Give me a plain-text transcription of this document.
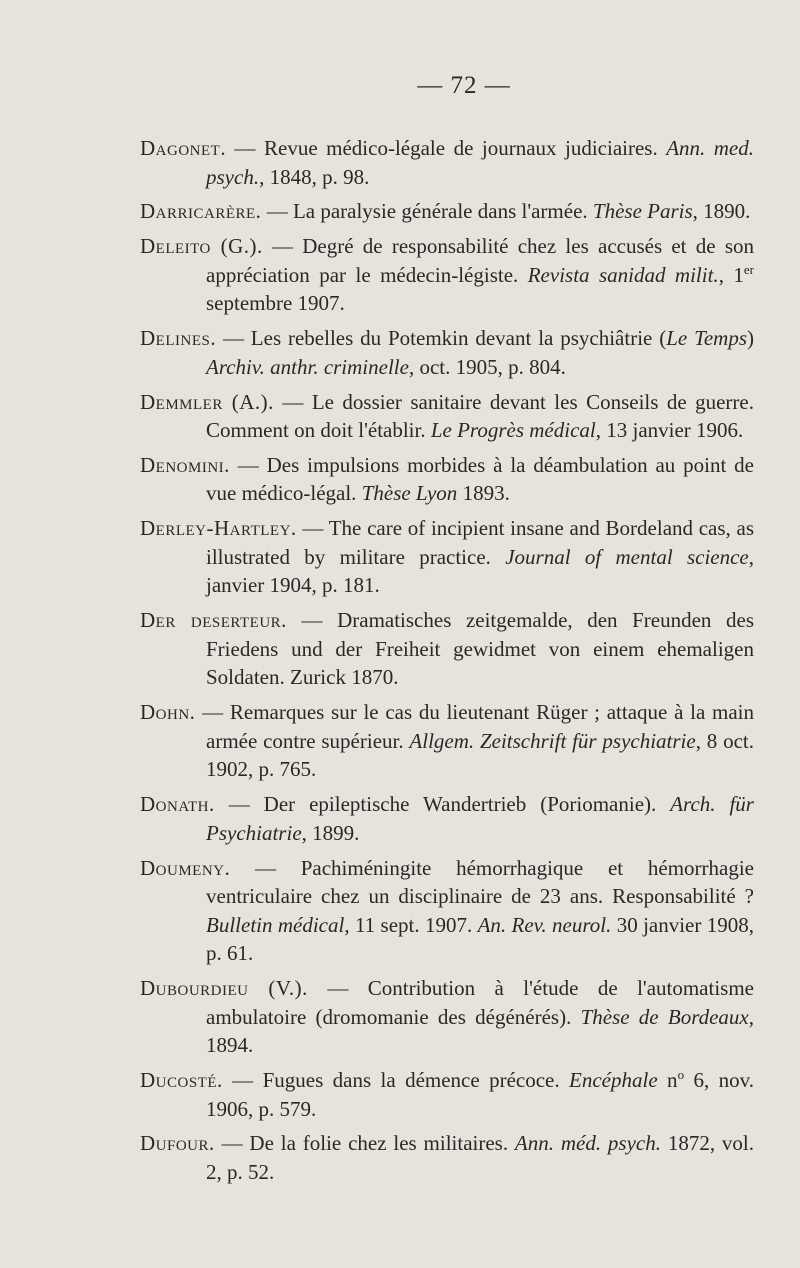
— 72 —

Dagonet. — Revue médico-légale de journaux judiciaires. Ann. med. psych., 1848, p. 98.

Darricarère. — La paralysie générale dans l'armée. Thèse Paris, 1890.

Deleito (G.). — Degré de responsabilité chez les accusés et de son appréciation par le médecin-légiste. Revista sanidad milit., 1er septembre 1907.

Delines. — Les rebelles du Potemkin devant la psychiâtrie (Le Temps) Archiv. anthr. criminelle, oct. 1905, p. 804.

Demmler (A.). — Le dossier sanitaire devant les Conseils de guerre. Comment on doit l'établir. Le Progrès médical, 13 janvier 1906.

Denomini. — Des impulsions morbides à la déambulation au point de vue médico-légal. Thèse Lyon 1893.

Derley-Hartley. — The care of incipient insane and Bordeland cas, as illustrated by militare practice. Journal of mental science, janvier 1904, p. 181.

Der deserteur. — Dramatisches zeitgemalde, den Freunden des Friedens und der Freiheit gewidmet von einem ehemaligen Soldaten. Zurick 1870.

Dohn. — Remarques sur le cas du lieutenant Rüger ; attaque à la main armée contre supérieur. Allgem. Zeitschrift für psychiatrie, 8 oct. 1902, p. 765.

Donath. — Der epileptische Wandertrieb (Poriomanie). Arch. für Psychiatrie, 1899.

Doumeny. — Pachiméningite hémorrhagique et hémorrhagie ventriculaire chez un disciplinaire de 23 ans. Responsabilité ? Bulletin médical, 11 sept. 1907. An. Rev. neurol. 30 janvier 1908, p. 61.

Dubourdieu (V.). — Contribution à l'étude de l'automatisme ambulatoire (dromomanie des dégénérés). Thèse de Bordeaux, 1894.

Ducosté. — Fugues dans la démence précoce. Encéphale $n^o$ 6, nov. 1906, p. 579.

Dufour. — De la folie chez les militaires. Ann. méd. psych. 1872, vol. 2, p. 52.
